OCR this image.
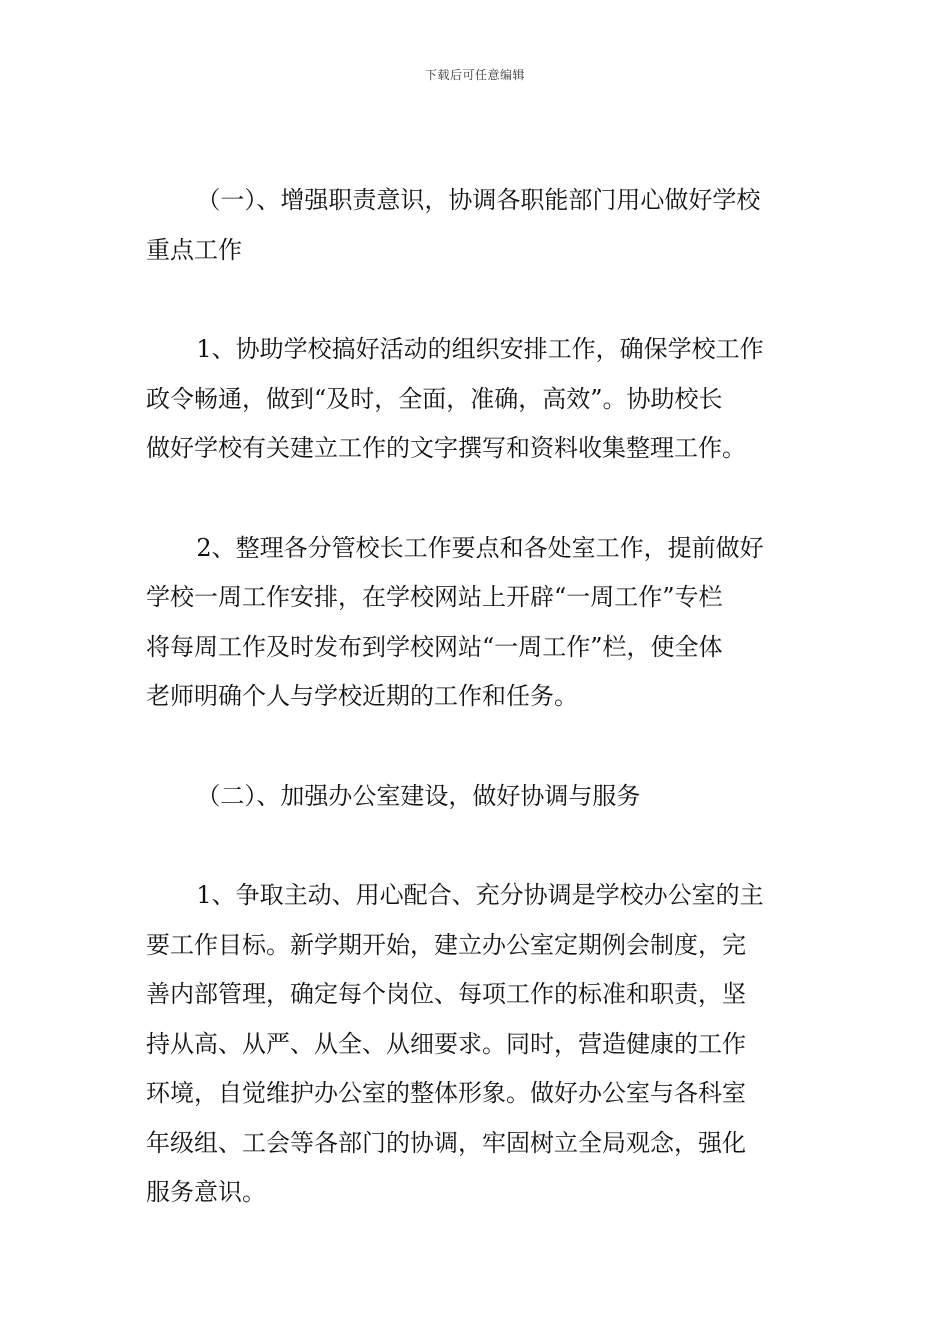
下载后可任意编辑
（一）、增强职责意识，协调各职能部门用心做好学校
重点工作
1、协助学校搞好活动的组织安排工作，确保学校工作
政令畅通，做到“及时，全面，准确，高效”。协助校长
做好学校有关建立工作的文字撰写和资料收集整理工作。
2、整理各分管校长工作要点和各处室工作，提前做好
学校一周工作安排，在学校网站上开辟“一周工作”专栏
将每周工作及时发布到学校网站“一周工作”栏，使全体
老师明确个人与学校近期的工作和任务。
（二）、加强办公室建设，做好协调与服务
1、争取主动、用心配合、充分协调是学校办公室的主
要工作目标。新学期开始，建立办公室定期例会制度，完
善内部管理，确定每个岗位、每项工作的标准和职责，坚
持从高、从严、从全、从细要求。同时，营造健康的工作
环境，自觉维护办公室的整体形象。做好办公室与各科室
年级组、工会等各部门的协调，牢固树立全局观念，强化
服务意识。
